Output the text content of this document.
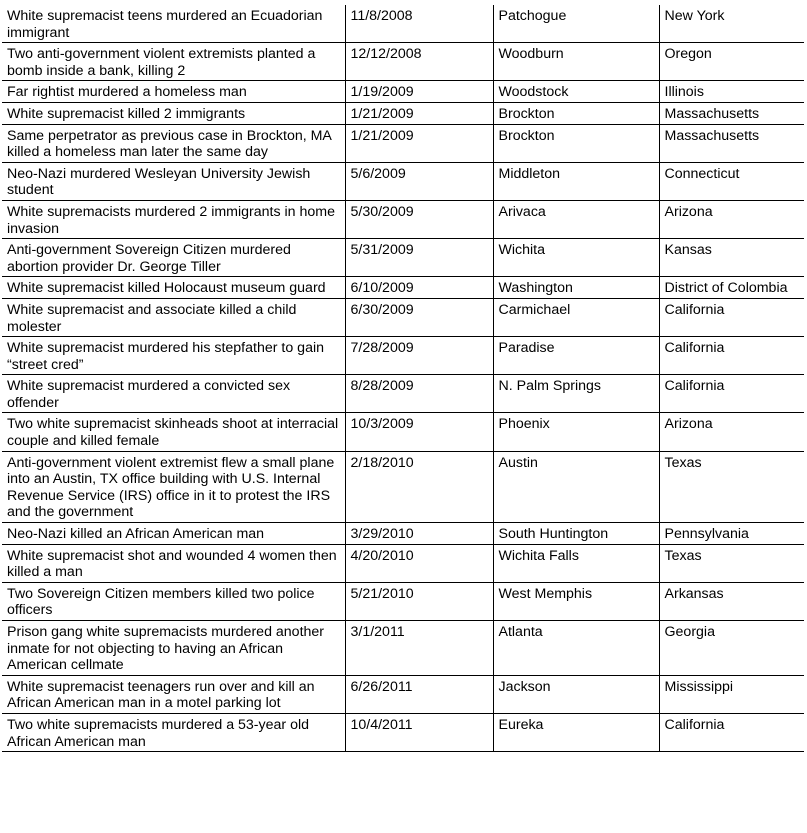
White supremacist teens murdered an Ecuadorian immigrant	11/8/2008	Patchogue	New York
Two anti-government violent extremists planted a bomb inside a bank, killing 2	12/12/2008	Woodburn	Oregon
Far rightist murdered a homeless man	1/19/2009	Woodstock	Illinois
White supremacist killed 2 immigrants	1/21/2009	Brockton	Massachusetts
Same perpetrator as previous case in Brockton, MA killed a homeless man later the same day	1/21/2009	Brockton	Massachusetts
Neo-Nazi murdered Wesleyan University Jewish student	5/6/2009	Middleton	Connecticut
White supremacists murdered 2 immigrants in home invasion	5/30/2009	Arivaca	Arizona
Anti-government Sovereign Citizen murdered abortion provider Dr. George Tiller	5/31/2009	Wichita	Kansas
White supremacist killed Holocaust museum guard	6/10/2009	Washington	District of Colombia
White supremacist and associate killed a child molester	6/30/2009	Carmichael	California
White supremacist murdered his stepfather to gain “street cred”	7/28/2009	Paradise	California
White supremacist murdered a convicted sex offender	8/28/2009	N. Palm Springs	California
Two white supremacist skinheads shoot at interracial couple and killed female	10/3/2009	Phoenix	Arizona
Anti-government violent extremist flew a small plane into an Austin, TX office building with U.S. Internal Revenue Service (IRS) office in it to protest the IRS and the government	2/18/2010	Austin	Texas
Neo-Nazi killed an African American man	3/29/2010	South Huntington	Pennsylvania
White supremacist shot and wounded 4 women then killed a man	4/20/2010	Wichita Falls	Texas
Two Sovereign Citizen members killed two police officers	5/21/2010	West Memphis	Arkansas
Prison gang white supremacists murdered another inmate for not objecting to having an African American cellmate	3/1/2011	Atlanta	Georgia
White supremacist teenagers run over and kill an African American man in a motel parking lot	6/26/2011	Jackson	Mississippi
Two white supremacists murdered a 53-year old African American man	10/4/2011	Eureka	California
